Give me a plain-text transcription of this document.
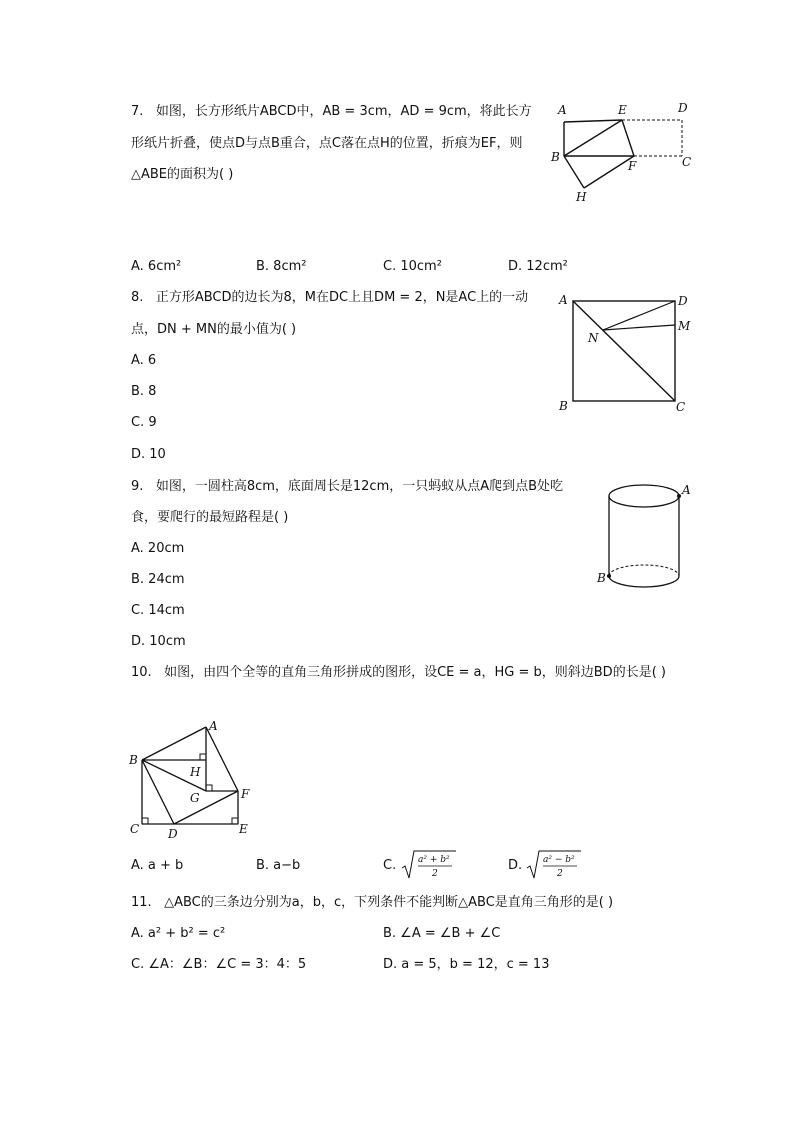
7. 如图，长方形纸片ABCD中，AB = 3cm，AD = 9cm，将此长方
形纸片折叠，使点D与点B重合，点C落在点H的位置，折痕为EF，则
△ABE的面积为( )
A	E	D
B
F	C
H
A. 6cm²	B. 8cm²	C. 10cm²	D. 12cm²
8. 正方形ABCD的边长为8，M在DC上且DM = 2，N是AC上的一动
点，DN + MN的最小值为( )
A	D
M
N
B	C
A. 6
B. 8
C. 9
D. 10
9. 如图，一圆柱高8cm，底面周长是12cm，一只蚂蚁从点A爬到点B处吃
食，要爬行的最短路程是( )
A
B
A. 20cm
B. 24cm
C. 14cm
D. 10cm
10. 如图，由四个全等的直角三角形拼成的图形，设CE = a，HG = b，则斜边BD的长是( )
A
B
H
G	F
C D	E
A. a + b	B. a−b	C. a² + b²
2
D. a² − b²
2
11. △ABC的三条边分别为a，b，c，下列条件不能判断△ABC是直角三角形的是( )
A. a² + b² = c²	B. ∠A = ∠B + ∠C
C. ∠A：∠B：∠C = 3：4：5	D. a = 5，b = 12，c = 13
